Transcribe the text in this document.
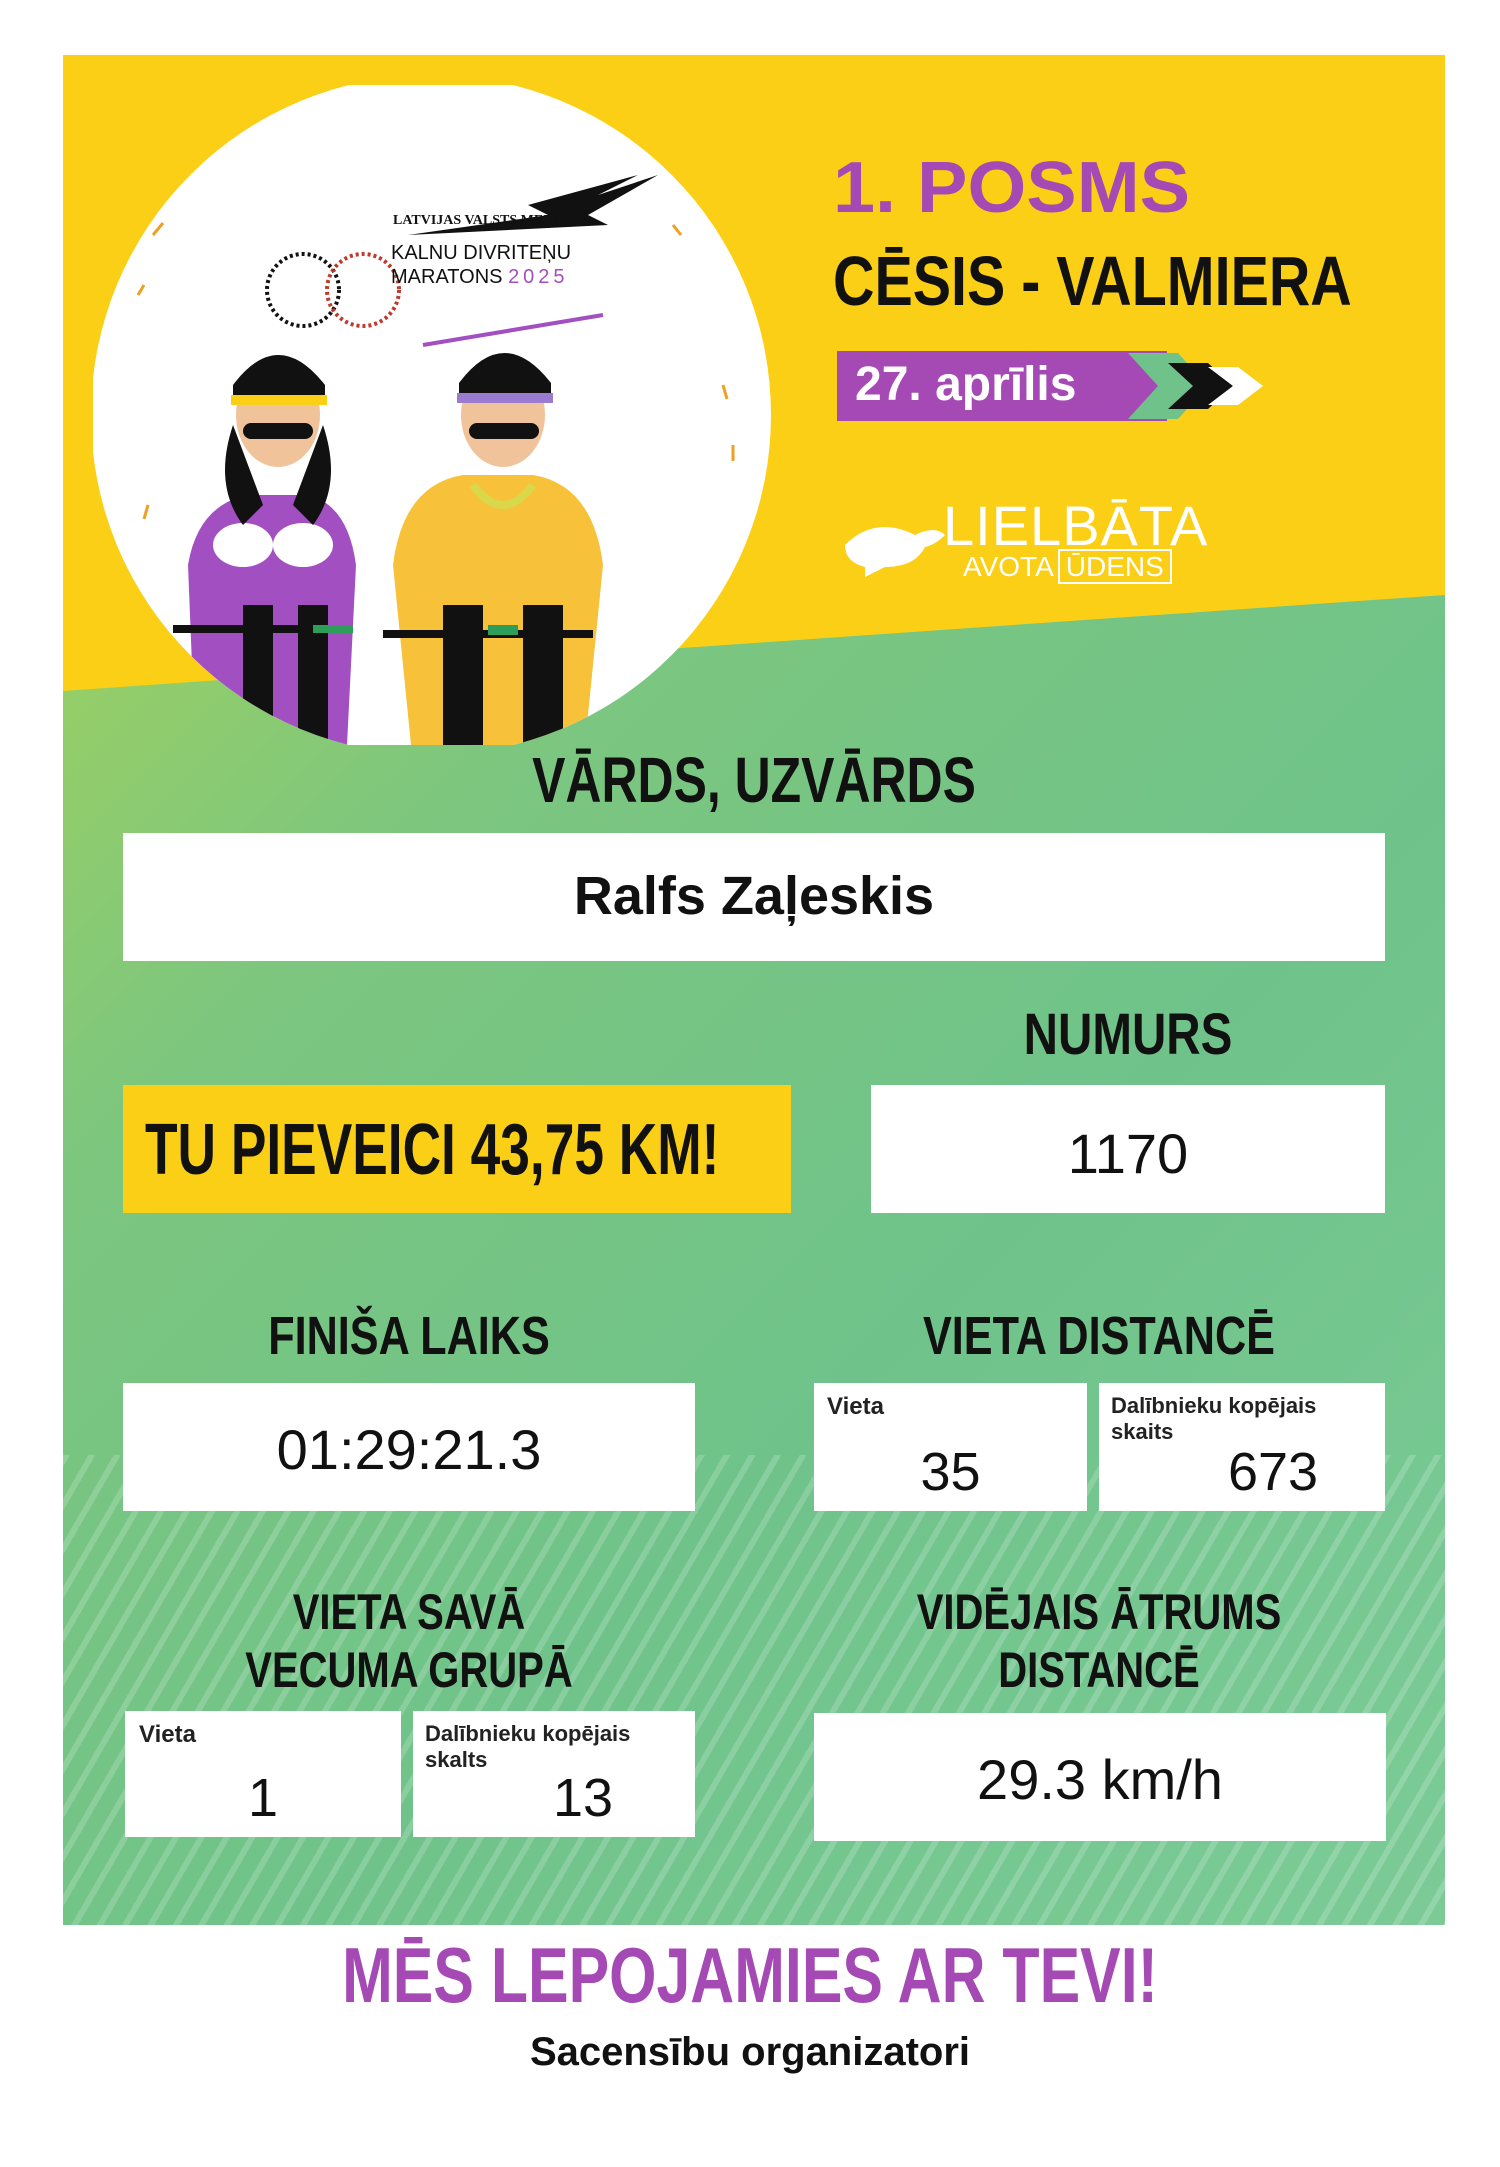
LATVIJAS VALSTS MEŽI
KALNU DIVRITEŅU
MARATONS 2025
1. POSMS
CĒSIS - VALMIERA
27. aprīlis
LIELBĀTA
AVOTA ŪDENS
VĀRDS, UZVĀRDS
Ralfs Zaļeskis
NUMURS
1170
TU PIEVEICI 43,75 KM!
FINIŠA LAIKS
01:29:21.3
VIETA DISTANCĒ
Vieta
35
Dalībnieku kopējais
skaits
673
VIETA SAVĀ
VECUMA GRUPĀ
Vieta
1
Dalībnieku kopējais
skalts
13
VIDĒJAIS ĀTRUMS
DISTANCĒ
29.3 km/h
MĒS LEPOJAMIES AR TEVI!
Sacensību organizatori
